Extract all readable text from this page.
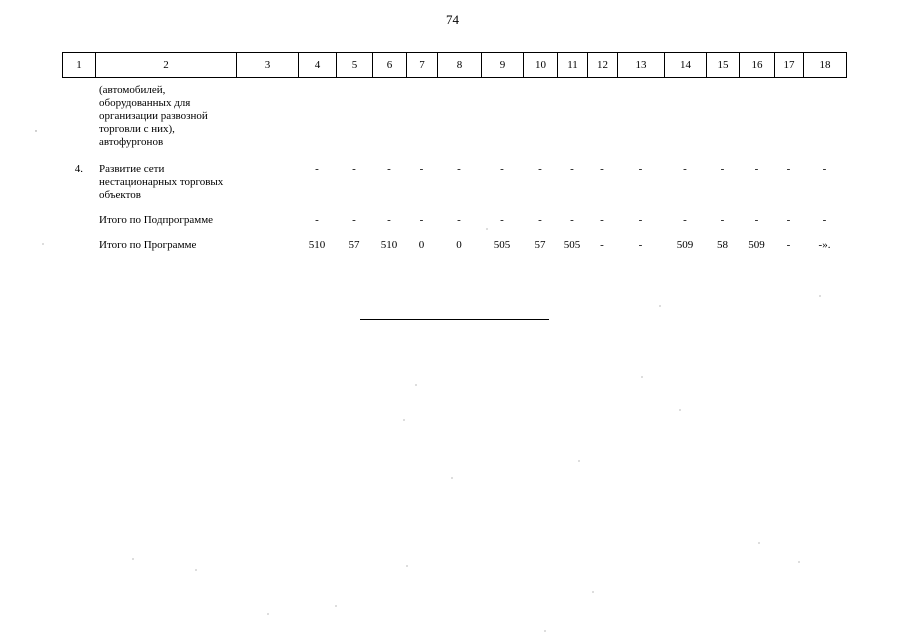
74
1	2	3	4	5	6	7	8	9	10	11	12	13	14	15	16	17	18
	(автомобилей, оборудованных для организации развозной торговли с них), автофургонов																

4.	Развитие сети нестационарных торговых объектов		-	-	-	-	-	-	-	-	-	-	-	-	-	-	-

	Итого по Подпрограмме		-	-	-	-	-	-	-	-	-	-	-	-	-	-	-

	Итого по Программе		510	57	510	0	0	505	57	505	-	-	509	58	509	-	-».
